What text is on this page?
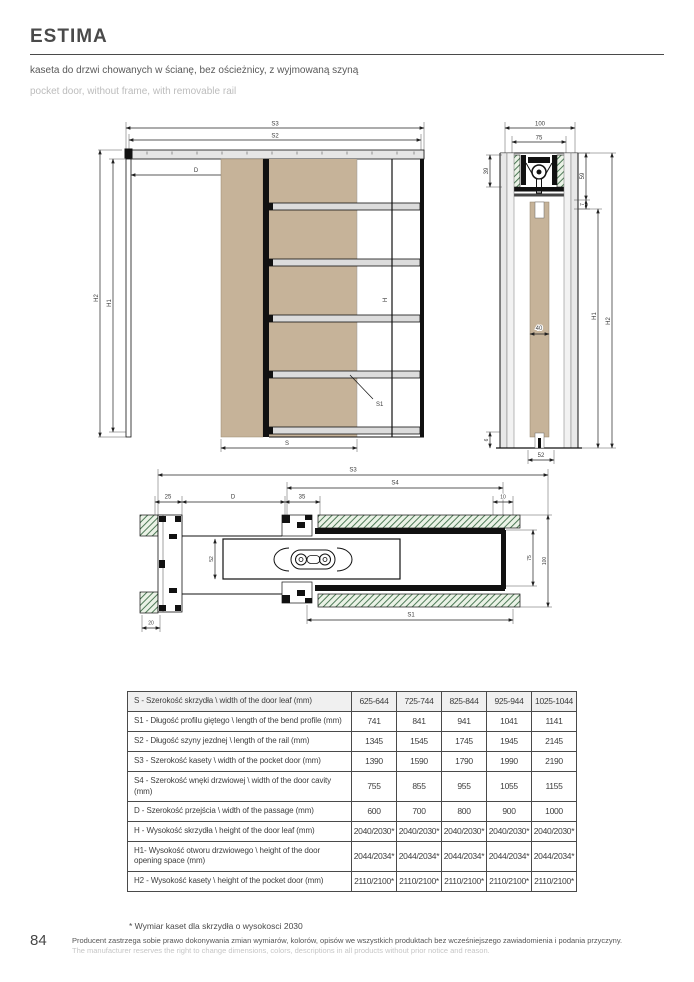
ESTIMA

kaseta do drzwi chowanych w ścianę, bez ościeżnicy, z wyjmowaną szyną

pocket door, without frame, with removable rail

S3
S2
H2
H1
D
H
S1
S
100
75
39
59
7
40
H1
H2
6
52
S3
S4
25	D	35	10
52	75 100
20
S1
S - Szerokość skrzydła \ width of the door leaf (mm)	625-644	725-744	825-844	925-944	1025-1044
S1 - Długość profilu giętego \ length of the bend profile (mm)	741	841	941	1041	1141
S2 - Długość szyny jezdnej \ length of the rail (mm)	1345	1545	1745	1945	2145
S3 - Szerokość kasety \ width of the pocket door (mm)	1390	1590	1790	1990	2190
S4 - Szerokość wnęki drzwiowej \ width of the door cavity (mm)	755	855	955	1055	1155
D - Szerokość przejścia \ width of the passage (mm)	600	700	800	900	1000
H - Wysokość skrzydła \ height of the door leaf (mm)	2040/2030*	2040/2030*	2040/2030*	2040/2030*	2040/2030*
H1- Wysokość otworu drzwiowego \ height of the door opening space (mm)	2044/2034*	2044/2034*	2044/2034*	2044/2034*	2044/2034*
H2 - Wysokość kasety \ height of the pocket door (mm)	2110/2100*	2110/2100*	2110/2100*	2110/2100*	2110/2100*

* Wymiar kaset dla skrzydła o wysokosci 2030

84	Producent zastrzega sobie prawo dokonywania zmian wymiarów, kolorów, opisów we wszystkich produktach bez wcześniejszego zawiadomienia i podania przyczyny.

The manufacturer reserves the right to change dimensions, colors, descriptions in all products without prior notice and reason.
